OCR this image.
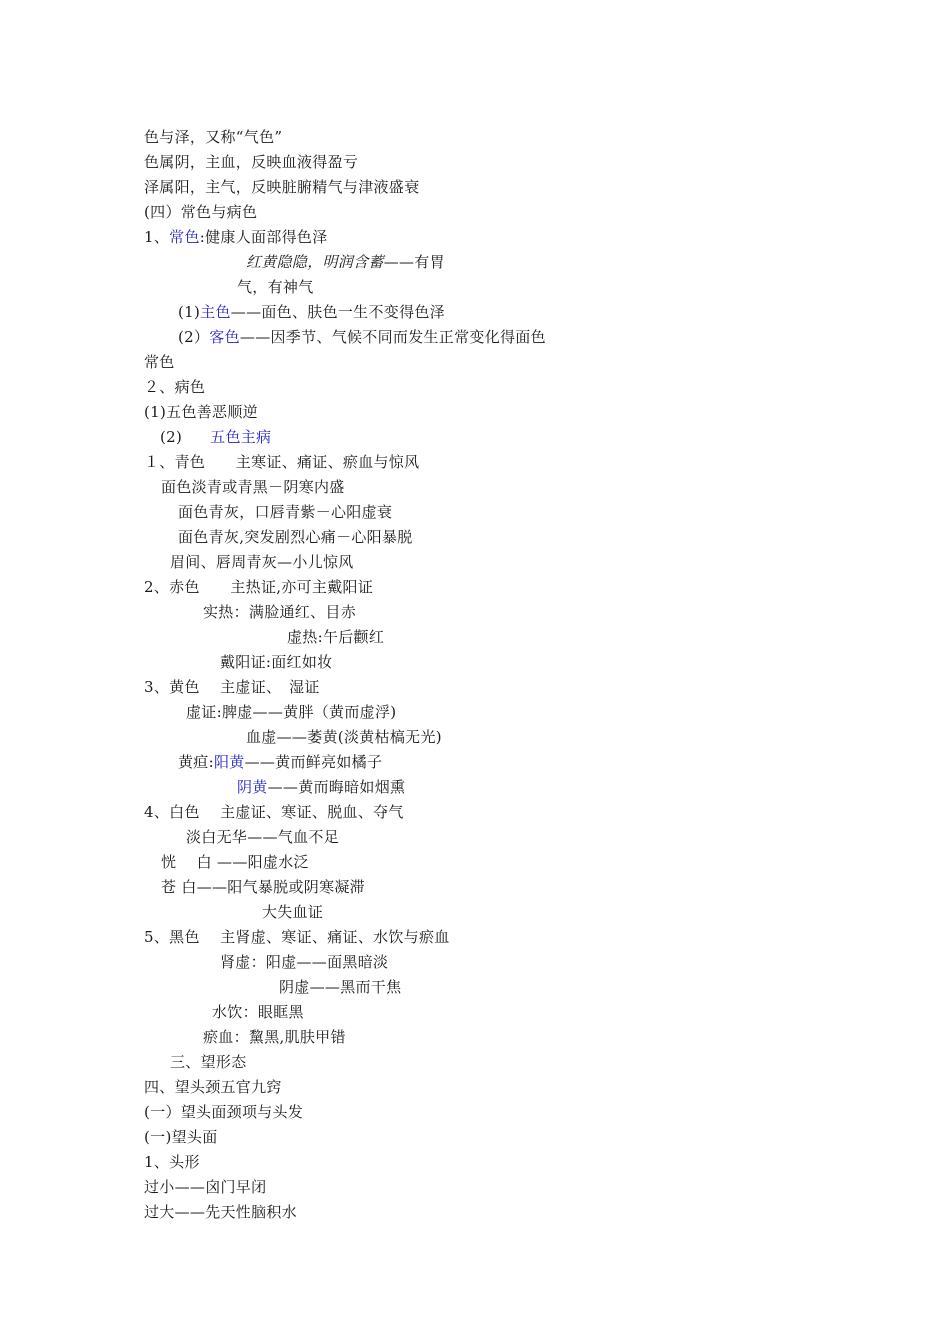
色与泽，又称“气色”
色属阴，主血，反映血液得盈亏
泽属阳，主气，反映脏腑精气与津液盛衰
(四）常色与病色
1、常色:健康人面部得色泽
红黄隐隐，明润含蓄——有胃
气，有神气
(1)主色——面色、肤色一生不变得色泽
(2）客色——因季节、气候不同而发生正常变化得面色
常色
２、病色
(1)五色善恶顺逆
(2) 五色主病
１、青色　　主寒证、痛证、瘀血与惊风
面色淡青或青黑－阴寒内盛
面色青灰，口唇青紫－心阳虚衰
面色青灰,突发剧烈心痛－心阳暴脱
眉间、唇周青灰—小儿惊风
2、赤色　　主热证,亦可主戴阳证
实热：满脸通红、目赤
虚热:午后颧红
戴阳证:面红如妆
3、黄色　 主虚证、　湿证
虚证:脾虚——黄胖（黄而虚浮)
血虚——萎黄(淡黄枯槁无光)
黄疸:阳黄——黄而鲜亮如橘子
阴黄——黄而晦暗如烟熏
4、白色　 主虚证、寒证、脱血、夺气
淡白无华——气血不足
恍　 白 ——阳虚水泛
苍 白——阳气暴脱或阴寒凝滞
大失血证
5、黑色　 主肾虚、寒证、痛证、水饮与瘀血
肾虚：阳虚——面黑暗淡
阴虚——黑而干焦
水饮：眼眶黑
瘀血：黧黑,肌肤甲错
三、望形态
四、望头颈五官九窍
(一）望头面颈项与头发
(一)望头面
1、头形
过小——囟门早闭
过大——先天性脑积水
